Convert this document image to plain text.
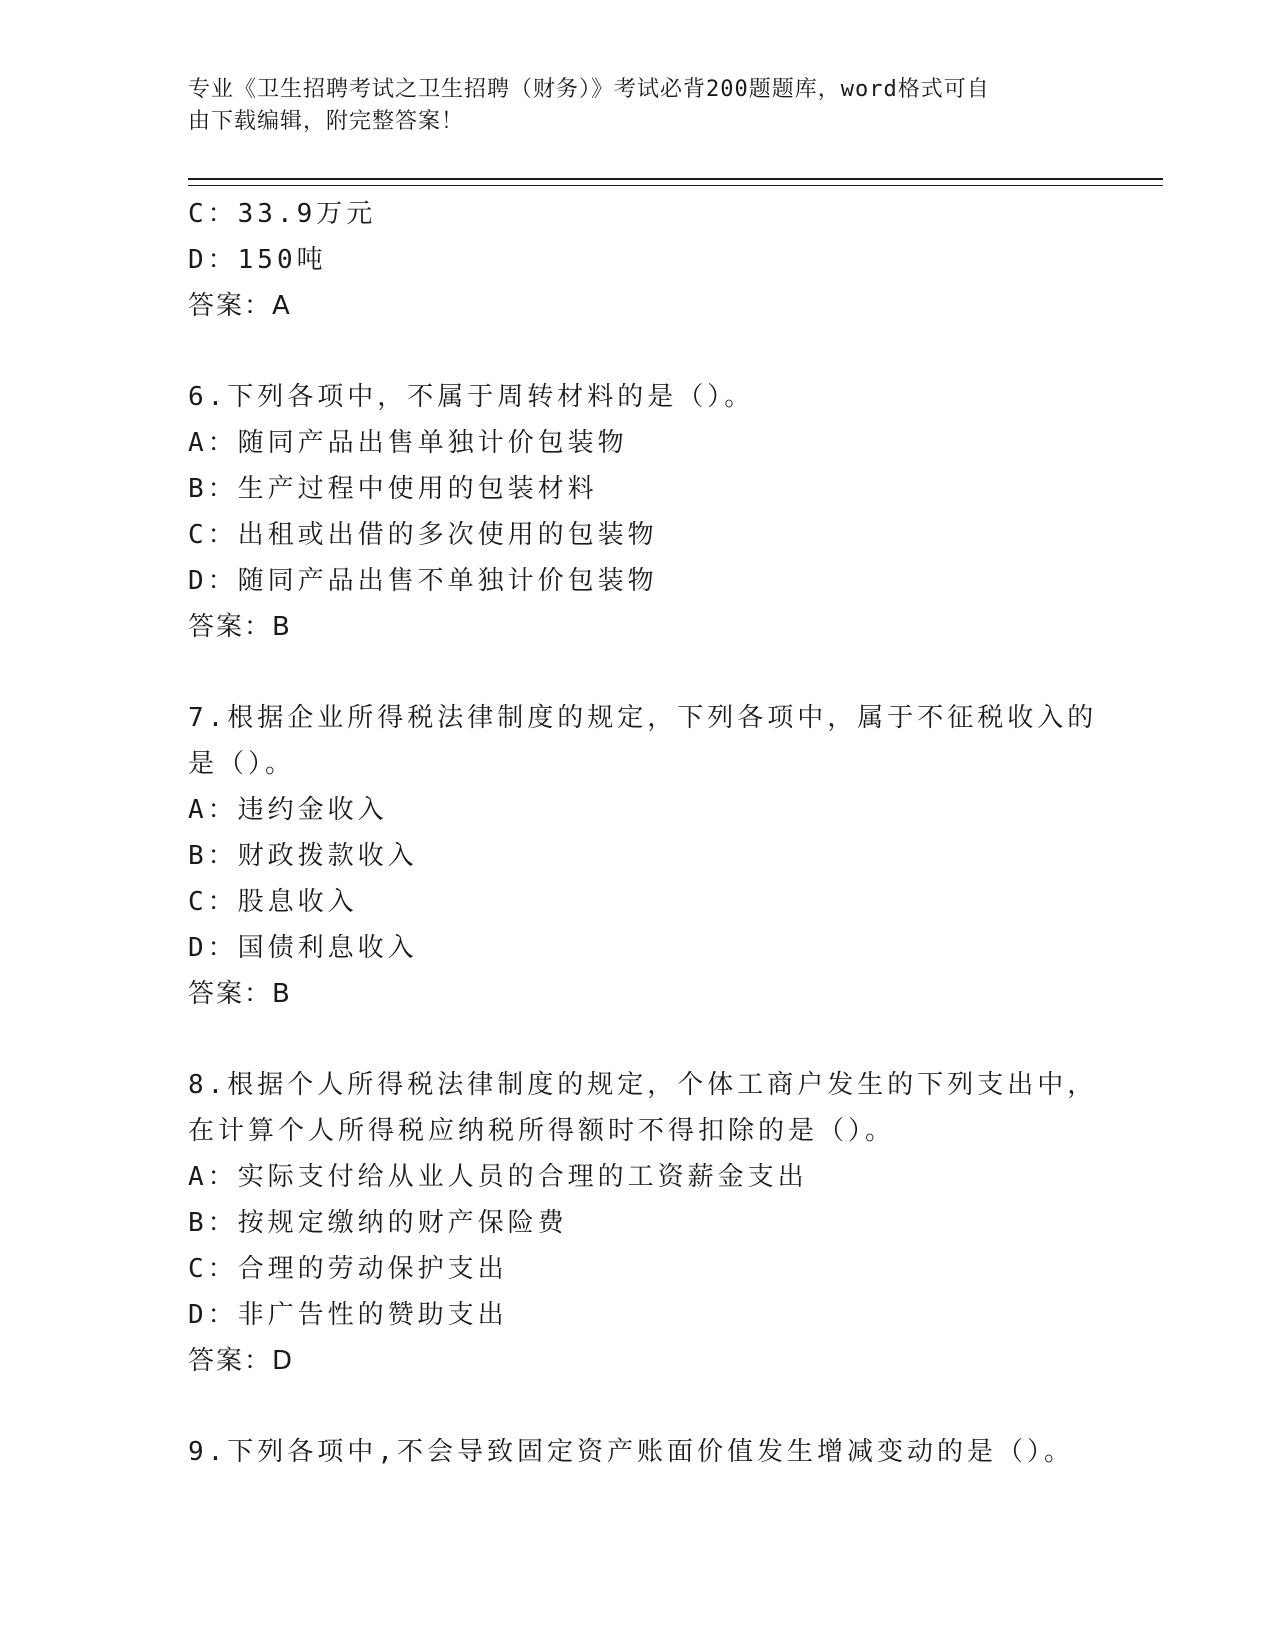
专业《卫生招聘考试之卫生招聘（财务）》考试必背200题题库，word格式可自
由下载编辑，附完整答案！
C：33.9万元
D：150吨
答案：A
6.下列各项中，不属于周转材料的是（）。
A：随同产品出售单独计价包装物
B：生产过程中使用的包装材料
C：出租或出借的多次使用的包装物
D：随同产品出售不单独计价包装物
答案：B
7.根据企业所得税法律制度的规定，下列各项中，属于不征税收入的
是（）。
A：违约金收入
B：财政拨款收入
C：股息收入
D：国债利息收入
答案：B
8.根据个人所得税法律制度的规定，个体工商户发生的下列支出中，
在计算个人所得税应纳税所得额时不得扣除的是（）。
A：实际支付给从业人员的合理的工资薪金支出
B：按规定缴纳的财产保险费
C：合理的劳动保护支出
D：非广告性的赞助支出
答案：D
9.下列各项中,不会导致固定资产账面价值发生增减变动的是（）。
